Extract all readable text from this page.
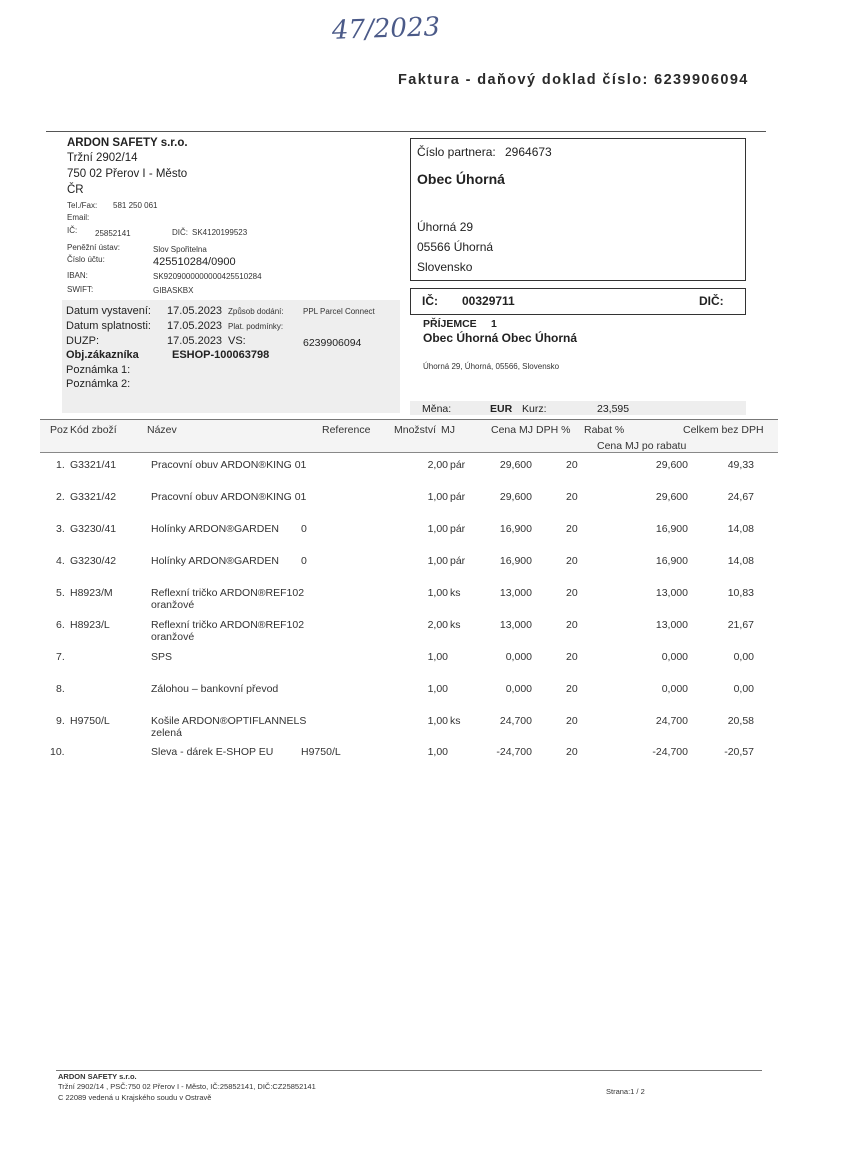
47/2023
Faktura - daňový doklad číslo: 6239906094
ARDON SAFETY s.r.o.
Tržní 2902/14
750 02 Přerov I - Město
ČR
Tel./Fax: 581 250 061
Email:
IČ: 25852141	DIČ: SK4120199523
Peněžní ústav:	Slov Spořitelna
Číslo účtu:	425510284/0900
IBAN:	SK9209000000000425510284
SWIFT:	GIBASKBX
Číslo partnera: 2964673
Obec Úhorná
Úhorná 29
05566 Úhorná
Slovensko
IČ: 00329711	DIČ:
PŘÍJEMCE 1
Obec Úhorná Obec Úhorná
Úhorná 29, Úhorná, 05566, Slovensko
Datum vystavení: 17.05.2023 Způsob dodání: PPL Parcel Connect
Datum splatnosti: 17.05.2023 Plat. podmínky:
DUZP:	17.05.2023 VS:	6239906094
Obj.zákazníka	ESHOP-100063798
Poznámka 1:
Poznámka 2:
Měna:	EUR Kurz:	23,595
Poz Kód zboží	Název	Reference Množství MJ	Cena MJ DPH % Rabat %	Celkem bez DPH
Cena MJ po rabatu
1. G3321/41	Pracovní obuv ARDON®KING 01	2,00 pár	29,600	20	29,600	49,33
2. G3321/42	Pracovní obuv ARDON®KING 01	1,00 pár	29,600	20	29,600	24,67
3. G3230/41	Holínky ARDON®GARDEN 0	1,00 pár	16,900	20	16,900	14,08
4. G3230/42	Holínky ARDON®GARDEN 0	1,00 pár	16,900	20	16,900	14,08
5. H8923/M	Reflexní tričko ARDON®REF102	1,00 ks	13,000	20	13,000	10,83
oranžové
6. H8923/L	Reflexní tričko ARDON®REF102	2,00 ks	13,000	20	13,000	21,67
oranžové
7.	SPS	1,00	0,000	20	0,000	0,00
8.	Zálohou – bankovní převod	1,00	0,000	20	0,000	0,00
9. H9750/L	Košile ARDON®OPTIFLANNELS	1,00 ks	24,700	20	24,700	20,58
zelená
10.	Sleva - dárek E-SHOP EU	H9750/L	1,00	-24,700	20	-24,700	-20,57
ARDON SAFETY s.r.o.
Tržní 2902/14 , PSČ:750 02 Přerov I - Město, IČ:25852141, DIČ:CZ25852141
C 22089 vedená u Krajského soudu v Ostravě
Strana:1 / 2
